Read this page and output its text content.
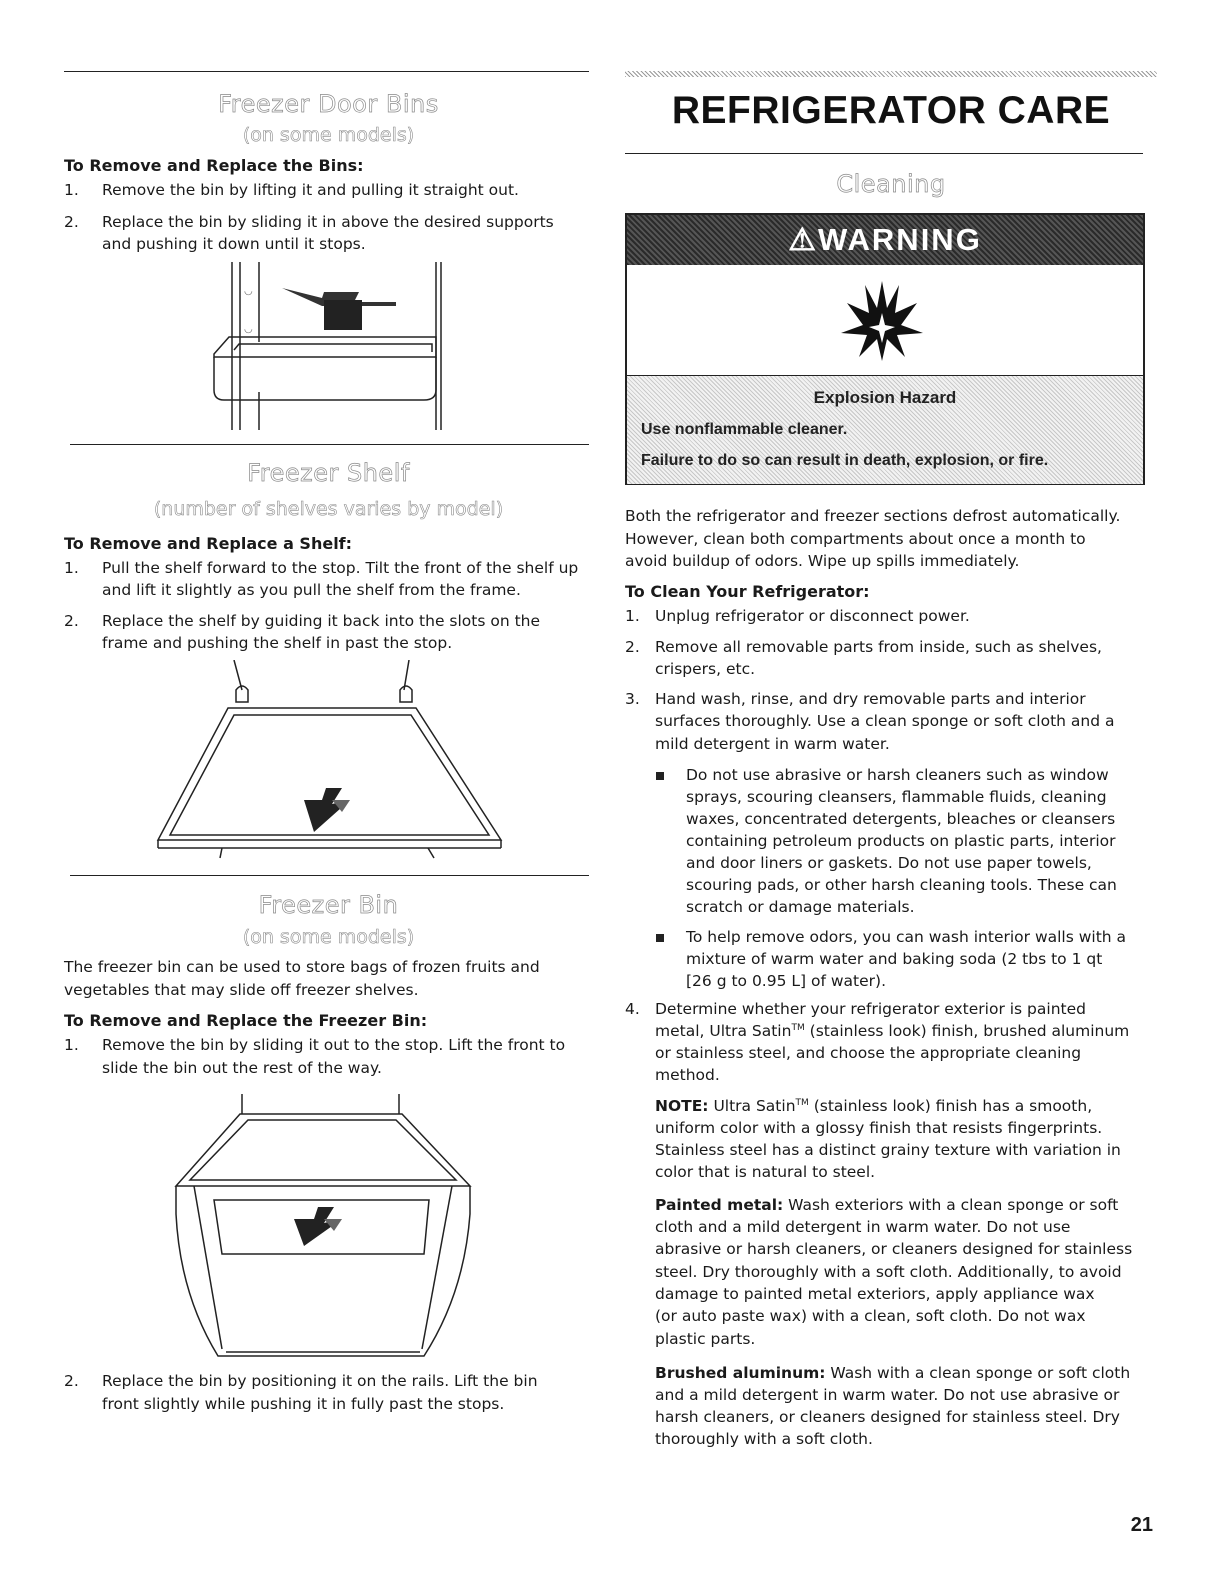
Freezer Door Bins
(on some models)
To Remove and Replace the Bins:
1. Remove the bin by lifting it and pulling it straight out.
2. Replace the bin by sliding it in above the desired supports
and pushing it down until it stops.
◡
◡
Freezer Shelf
(number of shelves varies by model)
To Remove and Replace a Shelf:
1. Pull the shelf forward to the stop. Tilt the front of the shelf up
and lift it slightly as you pull the shelf from the frame.
2. Replace the shelf by guiding it back into the slots on the
frame and pushing the shelf in past the stop.
Freezer Bin
(on some models)
The freezer bin can be used to store bags of frozen fruits and
vegetables that may slide off freezer shelves.
To Remove and Replace the Freezer Bin:
1. Remove the bin by sliding it out to the stop. Lift the front to
slide the bin out the rest of the way.
2. Replace the bin by positioning it on the rails. Lift the bin
front slightly while pushing it in fully past the stops.
REFRIGERATOR CARE
Cleaning
⚠WARNING
Explosion Hazard
Use nonflammable cleaner.
Failure to do so can result in death, explosion, or fire.
Both the refrigerator and freezer sections defrost automatically.
However, clean both compartments about once a month to
avoid buildup of odors. Wipe up spills immediately.
To Clean Your Refrigerator:
1. Unplug refrigerator or disconnect power.
2. Remove all removable parts from inside, such as shelves,
crispers, etc.
3. Hand wash, rinse, and dry removable parts and interior
surfaces thoroughly. Use a clean sponge or soft cloth and a
mild detergent in warm water.
Do not use abrasive or harsh cleaners such as window
sprays, scouring cleansers, flammable fluids, cleaning
waxes, concentrated detergents, bleaches or cleansers
containing petroleum products on plastic parts, interior
and door liners or gaskets. Do not use paper towels,
scouring pads, or other harsh cleaning tools. These can
scratch or damage materials.
To help remove odors, you can wash interior walls with a
mixture of warm water and baking soda (2 tbs to 1 qt
[26 g to 0.95 L] of water).
4. Determine whether your refrigerator exterior is painted
metal, Ultra Satin™ (stainless look) finish, brushed aluminum
or stainless steel, and choose the appropriate cleaning
method.
NOTE: Ultra Satin™ (stainless look) finish has a smooth,
uniform color with a glossy finish that resists fingerprints.
Stainless steel has a distinct grainy texture with variation in
color that is natural to steel.
Painted metal: Wash exteriors with a clean sponge or soft
cloth and a mild detergent in warm water. Do not use
abrasive or harsh cleaners, or cleaners designed for stainless
steel. Dry thoroughly with a soft cloth. Additionally, to avoid
damage to painted metal exteriors, apply appliance wax
(or auto paste wax) with a clean, soft cloth. Do not wax
plastic parts.
Brushed aluminum: Wash with a clean sponge or soft cloth
and a mild detergent in warm water. Do not use abrasive or
harsh cleaners, or cleaners designed for stainless steel. Dry
thoroughly with a soft cloth.
21
